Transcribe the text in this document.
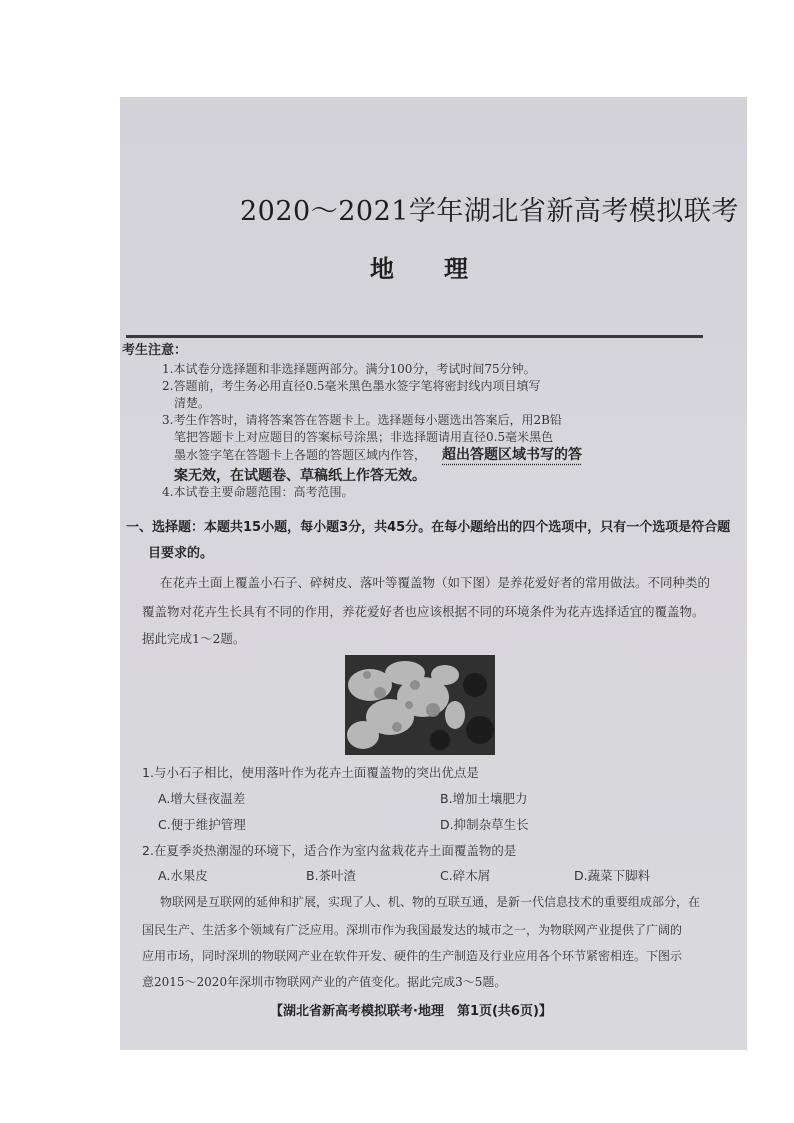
2020～2021学年湖北省新高考模拟联考
地理
考生注意：
1.本试卷分选择题和非选择题两部分。满分100分，考试时间75分钟。
2.答题前，考生务必用直径0.5毫米黑色墨水签字笔将密封线内项目填写
清楚。
3.考生作答时，请将答案答在答题卡上。选择题每小题选出答案后，用2B铅
笔把答题卡上对应题目的答案标号涂黑；非选择题请用直径0.5毫米黑色
墨水签字笔在答题卡上各题的答题区域内作答， 超出答题区域书写的答
案无效，在试题卷、草稿纸上作答无效。
4.本试卷主要命题范围：高考范围。
一、选择题：本题共15小题，每小题3分，共45分。在每小题给出的四个选项中，只有一个选项是符合题
目要求的。
在花卉土面上覆盖小石子、碎树皮、落叶等覆盖物（如下图）是养花爱好者的常用做法。不同种类的
覆盖物对花卉生长具有不同的作用，养花爱好者也应该根据不同的环境条件为花卉选择适宜的覆盖物。
据此完成1～2题。
1.与小石子相比，使用落叶作为花卉土面覆盖物的突出优点是
A.增大昼夜温差	B.增加土壤肥力
C.便于维护管理	D.抑制杂草生长
2.在夏季炎热潮湿的环境下，适合作为室内盆栽花卉土面覆盖物的是
A.水果皮	B.茶叶渣	C.碎木屑	D.蔬菜下脚料
物联网是互联网的延伸和扩展，实现了人、机、物的互联互通，是新一代信息技术的重要组成部分，在
国民生产、生活多个领域有广泛应用。深圳市作为我国最发达的城市之一，为物联网产业提供了广阔的
应用市场，同时深圳的物联网产业在软件开发、硬件的生产制造及行业应用各个环节紧密相连。下图示
意2015～2020年深圳市物联网产业的产值变化。据此完成3～5题。
【湖北省新高考模拟联考·地理　第1页(共6页)】
